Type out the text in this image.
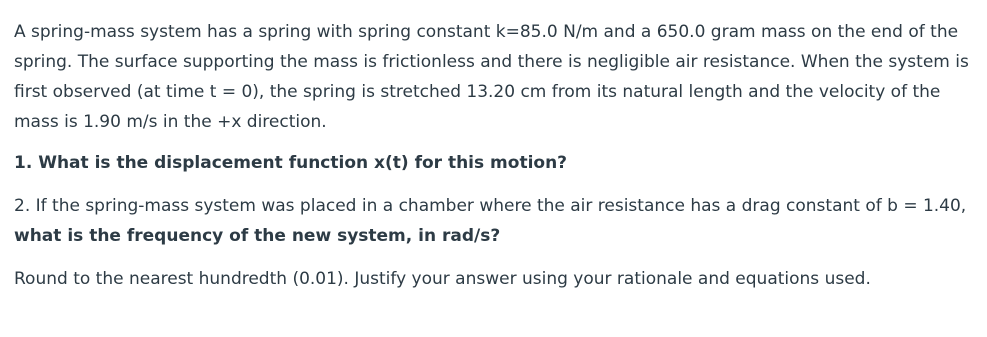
A spring-mass system has a spring with spring constant k=85.0 N/m and a 650.0 gram mass on the end of the spring. The surface supporting the mass is frictionless and there is negligible air resistance. When the system is first observed (at time t = 0), the spring is stretched 13.20 cm from its natural length and the velocity of the mass is 1.90 m/s in the +x direction.

1. What is the displacement function x(t) for this motion?

2. If the spring-mass system was placed in a chamber where the air resistance has a drag constant of b = 1.40, what is the frequency of the new system, in rad/s?

Round to the nearest hundredth (0.01). Justify your answer using your rationale and equations used.
